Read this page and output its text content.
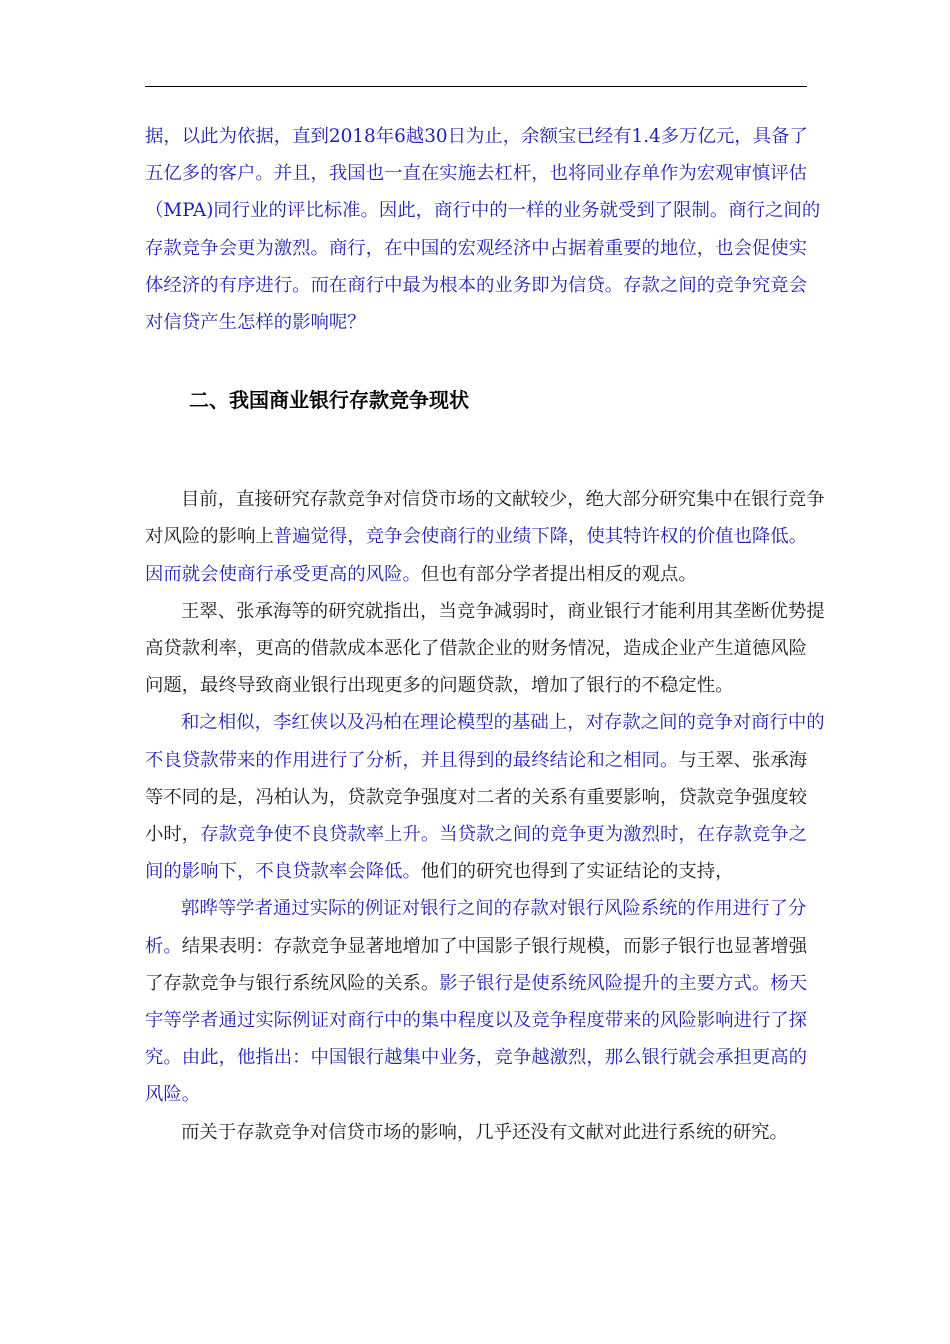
据，以此为依据，直到2018年6越30日为止，余额宝已经有1.4多万亿元，具备了五亿多的客户。并且，我国也一直在实施去杠杆，也将同业存单作为宏观审慎评估（MPA)同行业的评比标准。因此，商行中的一样的业务就受到了限制。商行之间的存款竞争会更为激烈。商行，在中国的宏观经济中占据着重要的地位，也会促使实体经济的有序进行。而在商行中最为根本的业务即为信贷。存款之间的竞争究竟会对信贷产生怎样的影响呢？

二、我国商业银行存款竞争现状

目前，直接研究存款竞争对信贷市场的文献较少，绝大部分研究集中在银行竞争对风险的影响上普遍觉得，竞争会使商行的业绩下降，使其特许权的价值也降低。因而就会使商行承受更高的风险。但也有部分学者提出相反的观点。

王翠、张承海等的研究就指出，当竞争减弱时，商业银行才能利用其垄断优势提高贷款利率，更高的借款成本恶化了借款企业的财务情况，造成企业产生道德风险问题，最终导致商业银行出现更多的问题贷款，增加了银行的不稳定性。

和之相似，李红侠以及冯柏在理论模型的基础上，对存款之间的竞争对商行中的不良贷款带来的作用进行了分析，并且得到的最终结论和之相同。与王翠、张承海等不同的是，冯柏认为，贷款竞争强度对二者的关系有重要影响，贷款竞争强度较小时，存款竞争使不良贷款率上升。当贷款之间的竞争更为激烈时，在存款竞争之间的影响下，不良贷款率会降低。他们的研究也得到了实证结论的支持，

郭晔等学者通过实际的例证对银行之间的存款对银行风险系统的作用进行了分析。结果表明：存款竞争显著地增加了中国影子银行规模，而影子银行也显著增强了存款竞争与银行系统风险的关系。影子银行是使系统风险提升的主要方式。杨天宇等学者通过实际例证对商行中的集中程度以及竞争程度带来的风险影响进行了探究。由此，他指出：中国银行越集中业务，竞争越激烈，那么银行就会承担更高的风险。

而关于存款竞争对信贷市场的影响，几乎还没有文献对此进行系统的研究。
